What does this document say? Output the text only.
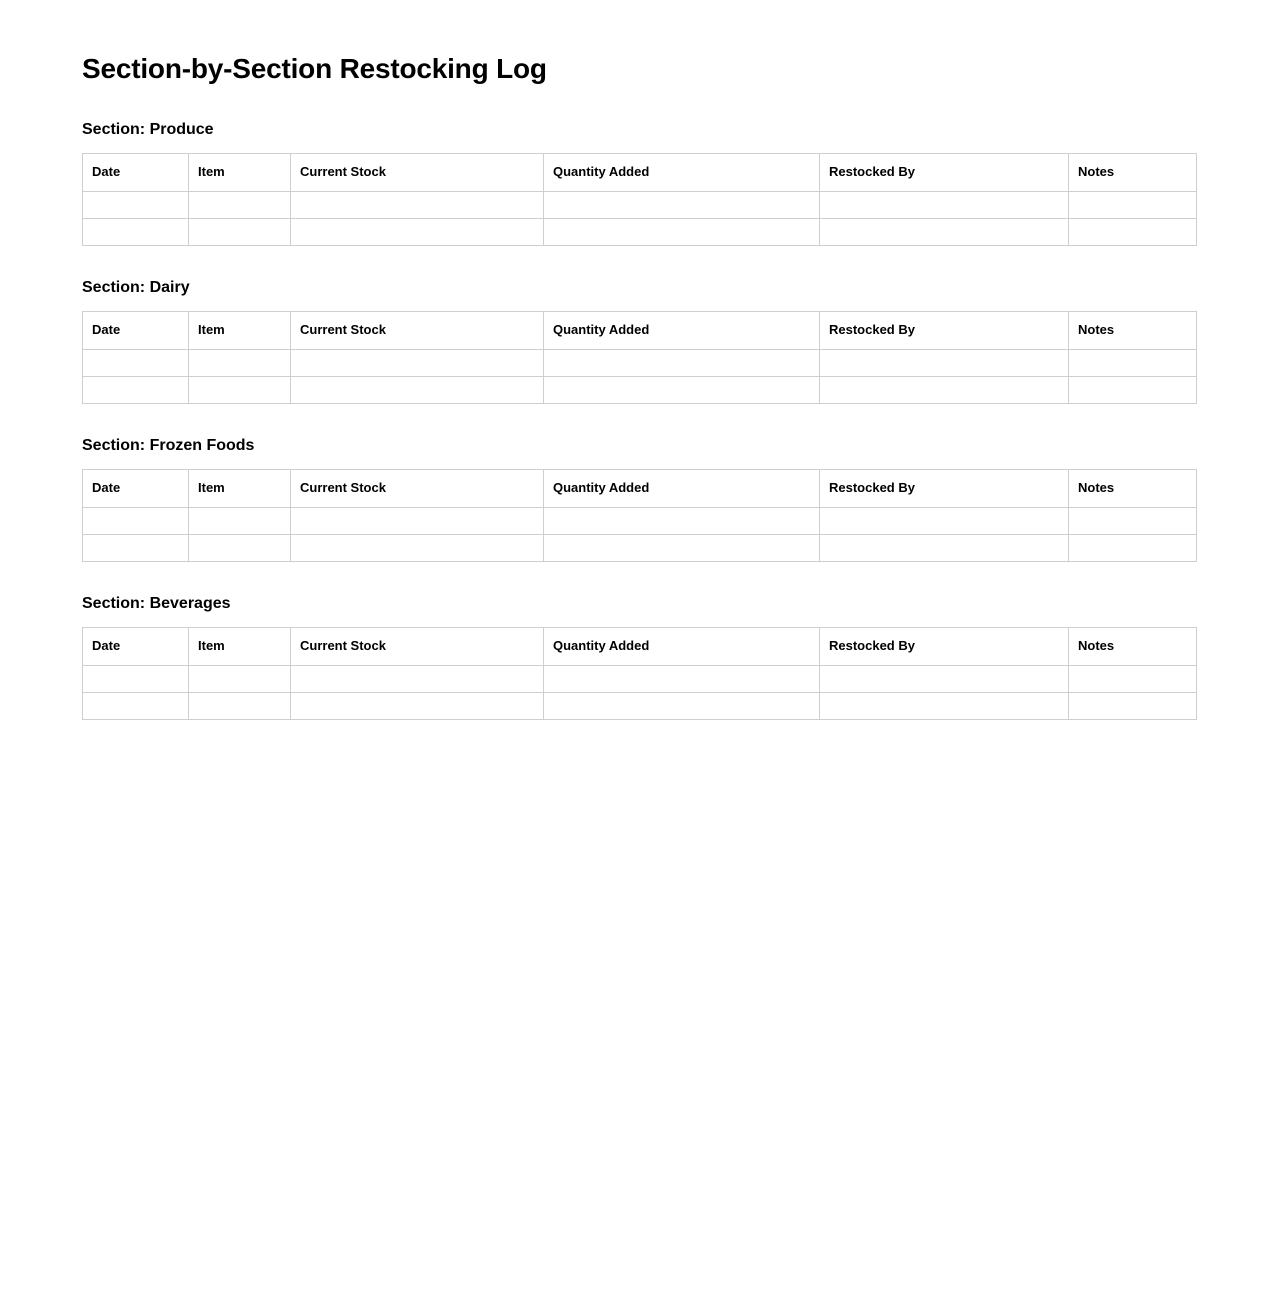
Section-by-Section Restocking Log
Section: Produce
Date	Item	Current Stock	Quantity Added	Restocked By	Notes

Section: Dairy
Date	Item	Current Stock	Quantity Added	Restocked By	Notes

Section: Frozen Foods
Date	Item	Current Stock	Quantity Added	Restocked By	Notes

Section: Beverages
Date	Item	Current Stock	Quantity Added	Restocked By	Notes
